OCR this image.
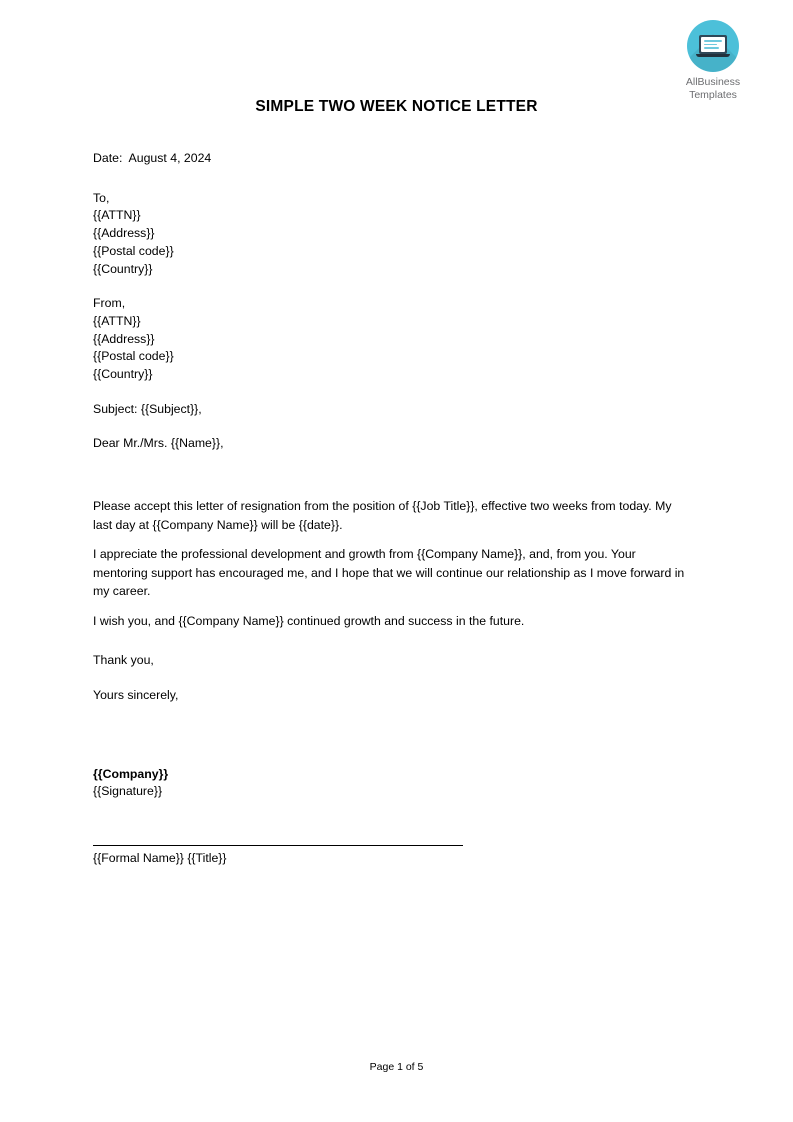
AllBusiness
Templates
SIMPLE TWO WEEK NOTICE LETTER
Date:  August 4, 2024
To,
{{ATTN}}
{{Address}}
{{Postal code}}
{{Country}}
From,
{{ATTN}}
{{Address}}
{{Postal code}}
{{Country}}
Subject: {{Subject}},
Dear Mr./Mrs. {{Name}},

Please accept this letter of resignation from the position of {{Job Title}}, effective two weeks from today. My last day at {{Company Name}} will be {{date}}.

I appreciate the professional development and growth from {{Company Name}}, and, from you. Your mentoring support has encouraged me, and I hope that we will continue our relationship as I move forward in my career.

I wish you, and {{Company Name}} continued growth and success in the future.

Thank you,
Yours sincerely,
{{Company}}
{{Signature}}
{{Formal Name}} {{Title}}
Page 1 of 5
